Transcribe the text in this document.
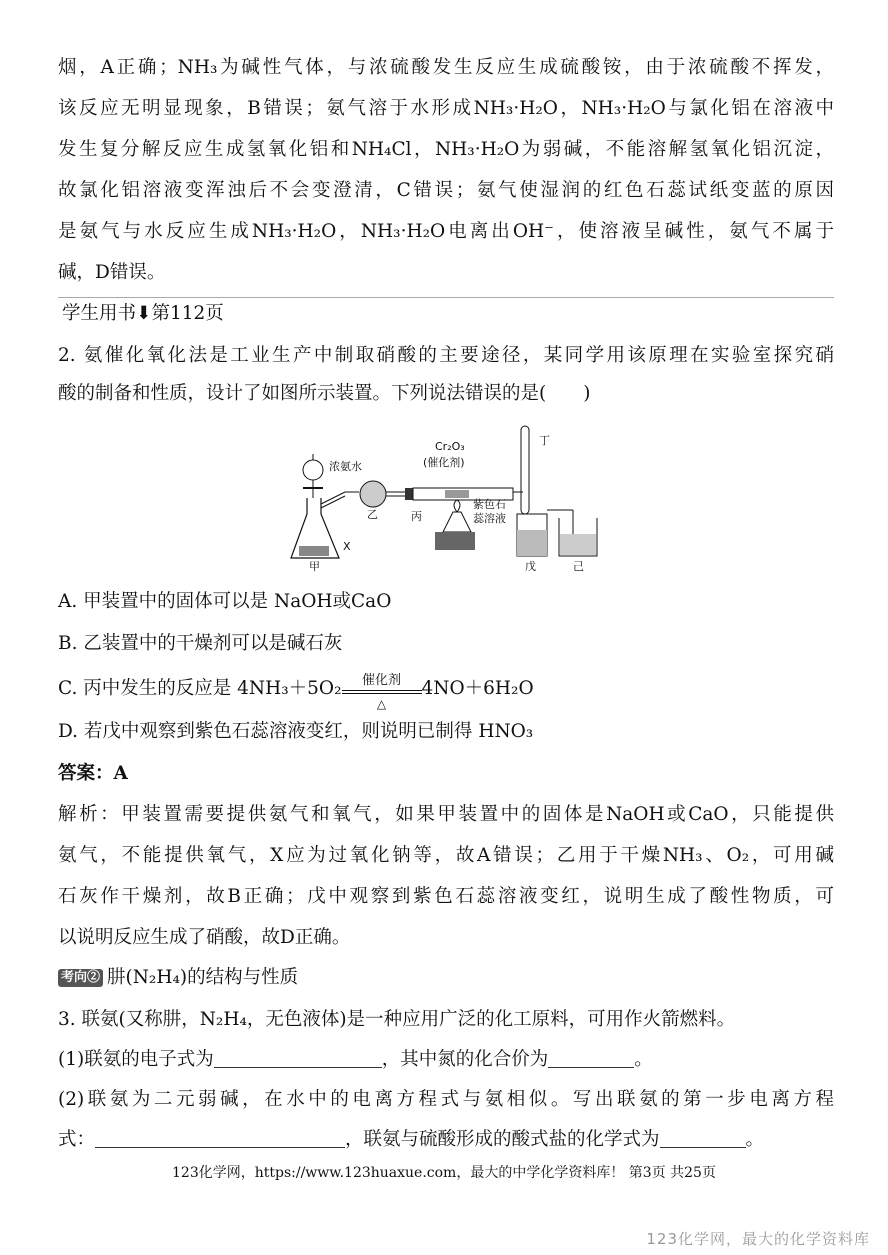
烟，A正确；NH₃为碱性气体，与浓硫酸发生反应生成硫酸铵，由于浓硫酸不挥发，
该反应无明显现象，B错误；氨气溶于水形成NH₃·H₂O，NH₃·H₂O与氯化铝在溶液中
发生复分解反应生成氢氧化铝和NH₄Cl，NH₃·H₂O为弱碱，不能溶解氢氧化铝沉淀，
故氯化铝溶液变浑浊后不会变澄清，C错误；氨气使湿润的红色石蕊试纸变蓝的原因
是氨气与水反应生成NH₃·H₂O，NH₃·H₂O电离出OH⁻，使溶液呈碱性，氨气不属于
碱，D错误。
学生用书⬇第112页
2. 氨催化氧化法是工业生产中制取硝酸的主要途径，某同学用该原理在实验室探究硝
酸的制备和性质，设计了如图所示装置。下列说法错误的是(　　)
浓氨水
Cr₂O₃
(催化剂)
丁
紫色石
蕊溶液
X
甲
乙	丙
戊	己
A. 甲装置中的固体可以是 NaOH或CaO
B. 乙装置中的干燥剂可以是碱石灰
C. 丙中发生的反应是 4NH₃＋5O₂	催化剂
△
4NO＋6H₂O
D. 若戊中观察到紫色石蕊溶液变红，则说明已制得 HNO₃
答案：A
解析：甲装置需要提供氨气和氧气，如果甲装置中的固体是NaOH或CaO，只能提供
氨气，不能提供氧气，X应为过氧化钠等，故A错误；乙用于干燥NH₃、O₂，可用碱
石灰作干燥剂，故B正确；戊中观察到紫色石蕊溶液变红，说明生成了酸性物质，可
以说明反应生成了硝酸，故D正确。
考向② 肼(N₂H₄)的结构与性质
3. 联氨(又称肼，N₂H₄，无色液体)是一种应用广泛的化工原料，可用作火箭燃料。
(1)联氨的电子式为	，其中氮的化合价为	。
(2)联氨为二元弱碱，在水中的电离方程式与氨相似。写出联氨的第一步电离方程
式：	，联氨与硫酸形成的酸式盐的化学式为	。
123化学网，https://www.123huaxue.com，最大的中学化学资料库！ 第3页 共25页
123化学网，最大的化学资料库
